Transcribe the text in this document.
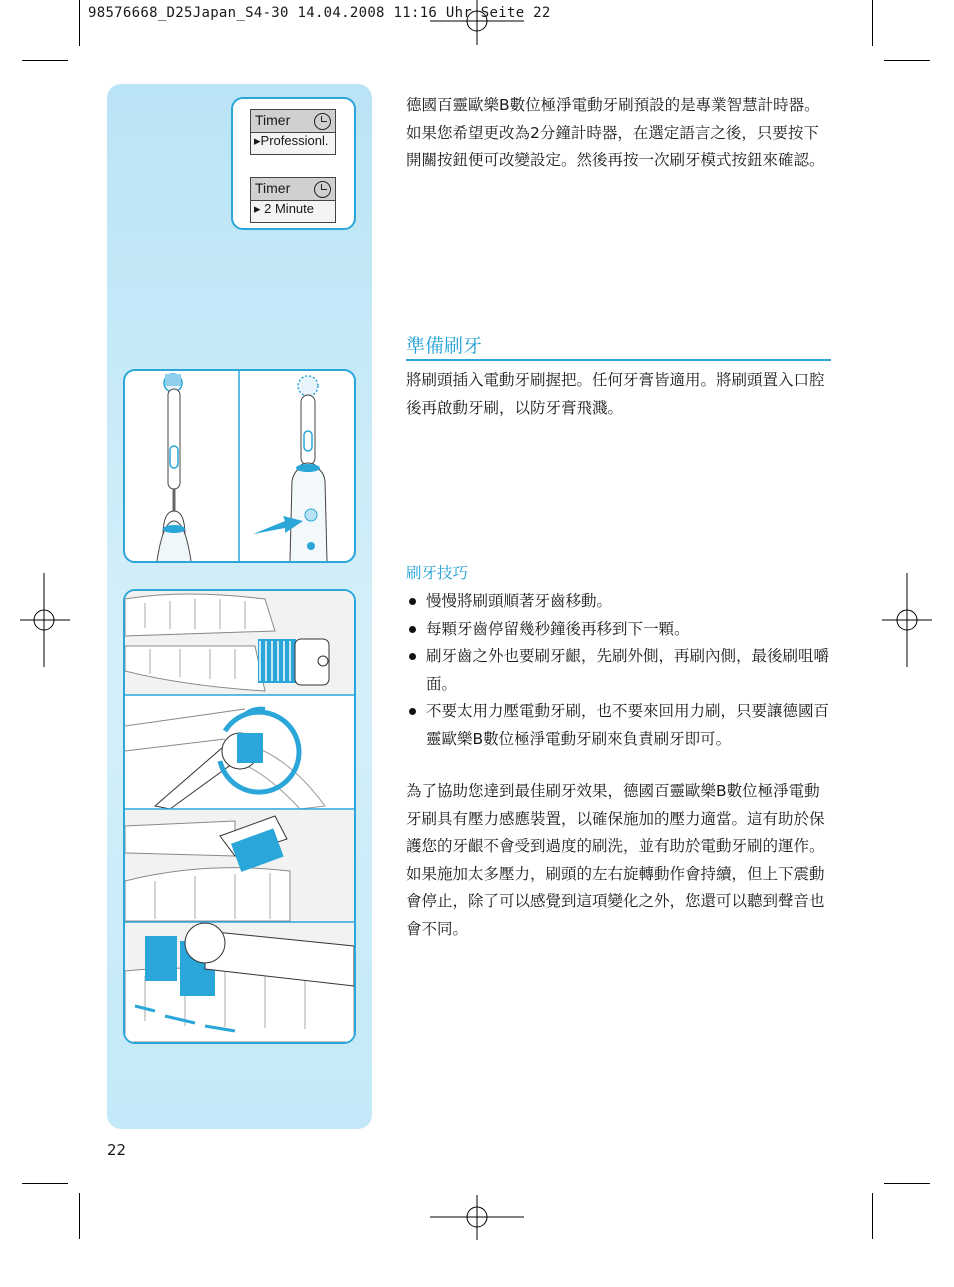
98576668_D25Japan_S4-30 14.04.2008 11:16 Uhr Seite 22
Timer
▸Professionl.
Timer
▸ 2 Minute
德國百靈歐樂B數位極淨電動牙刷預設的是專業智慧計時器。如果您希望更改為2分鐘計時器，在選定語言之後，只要按下開關按鈕便可改變設定。然後再按一次刷牙模式按鈕來確認。
準備刷牙
將刷頭插入電動牙刷握把。任何牙膏皆適用。將刷頭置入口腔後再啟動牙刷，以防牙膏飛濺。
刷牙技巧
慢慢將刷頭順著牙齒移動。
每顆牙齒停留幾秒鐘後再移到下一顆。
刷牙齒之外也要刷牙齦，先刷外側，再刷內側，最後刷咀嚼面。
不要太用力壓電動牙刷，也不要來回用力刷，只要讓德國百靈歐樂B數位極淨電動牙刷來負責刷牙即可。
為了協助您達到最佳刷牙效果，德國百靈歐樂B數位極淨電動牙刷具有壓力感應裝置，以確保施加的壓力適當。這有助於保護您的牙齦不會受到過度的刷洗，並有助於電動牙刷的運作。如果施加太多壓力，刷頭的左右旋轉動作會持續，但上下震動會停止，除了可以感覺到這項變化之外，您還可以聽到聲音也會不同。
22
